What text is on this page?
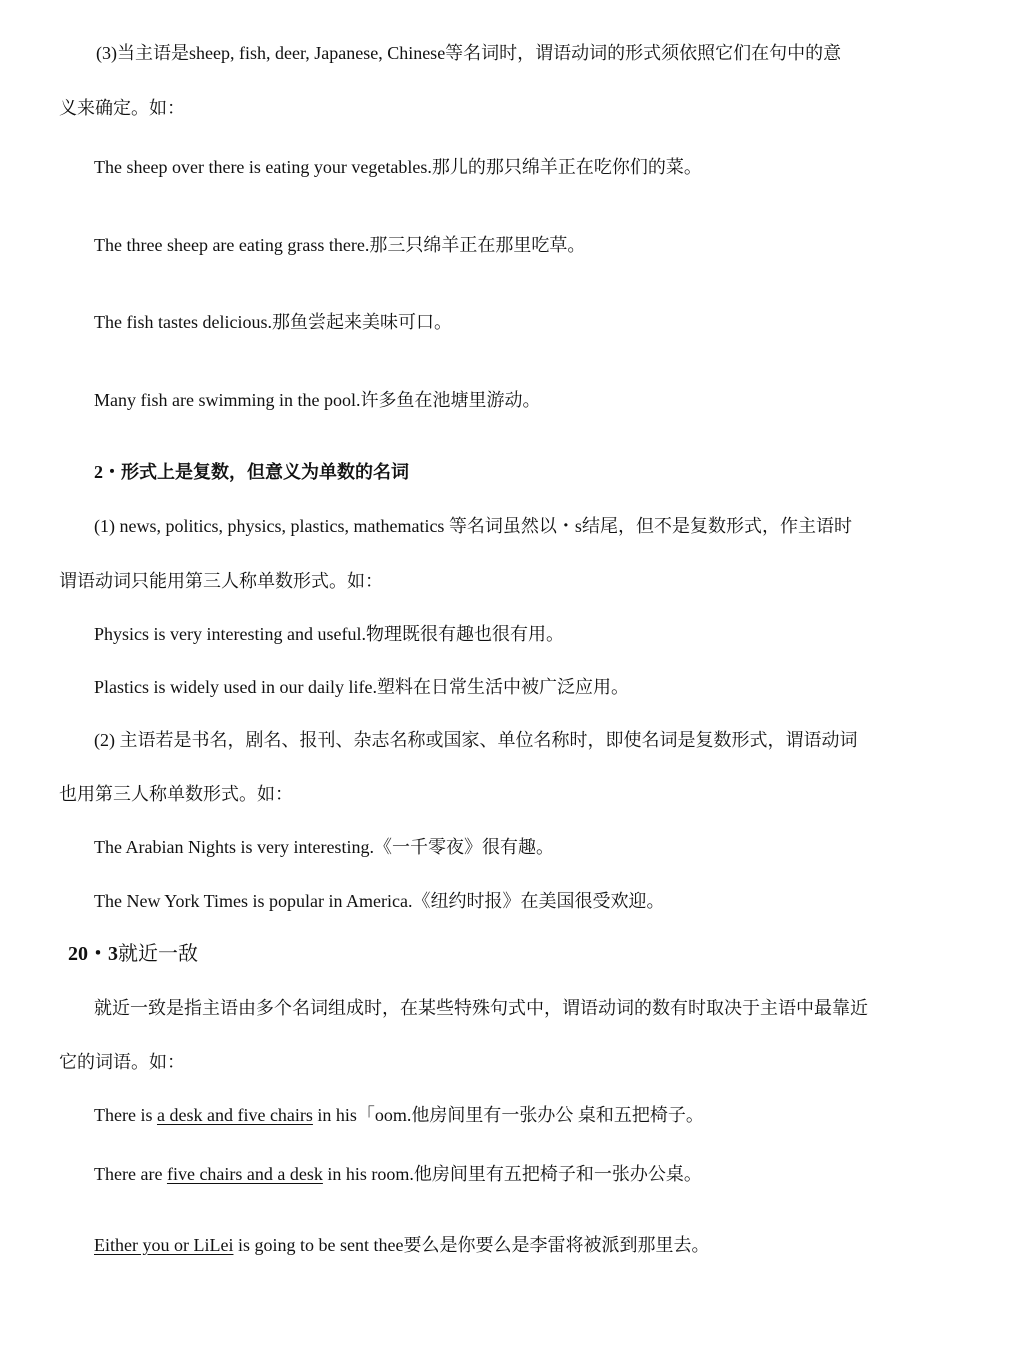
(3)当主语是sheep, fish, deer, Japanese, Chinese等名词时，谓语动词的形式须依照它们在句中的意
义来确定。如：
The sheep over there is eating your vegetables.那儿的那只绵羊正在吃你们的菜。
The three sheep are eating grass there.那三只绵羊正在那里吃草。
The fish tastes delicious.那鱼尝起来美味可口。
Many fish are swimming in the pool.许多鱼在池塘里游动。
2・形式上是复数，但意义为单数的名词
(1) news, politics, physics, plastics, mathematics 等名词虽然以・s结尾，但不是复数形式，作主语时
谓语动词只能用第三人称单数形式。如：
Physics is very interesting and useful.物理既很有趣也很有用。
Plastics is widely used in our daily life.塑料在日常生活中被广泛应用。
(2) 主语若是书名，剧名、报刊、杂志名称或国家、单位名称时，即使名词是复数形式，谓语动词
也用第三人称单数形式。如：
The Arabian Nights is very interesting.《一千零夜》很有趣。
The New York Times is popular in America.《纽约时报》在美国很受欢迎。
20・3就近一敌
就近一致是指主语由多个名词组成时，在某些特殊句式中，谓语动词的数有时取决于主语中最靠近
它的词语。如：
There is a desk and five chairs in his「oom.他房间里有一张办公 桌和五把椅子。
There are five chairs and a desk in his room.他房间里有五把椅子和一张办公桌。
Either you or LiLei is going to be sent thee要么是你要么是李雷将被派到那里去。
